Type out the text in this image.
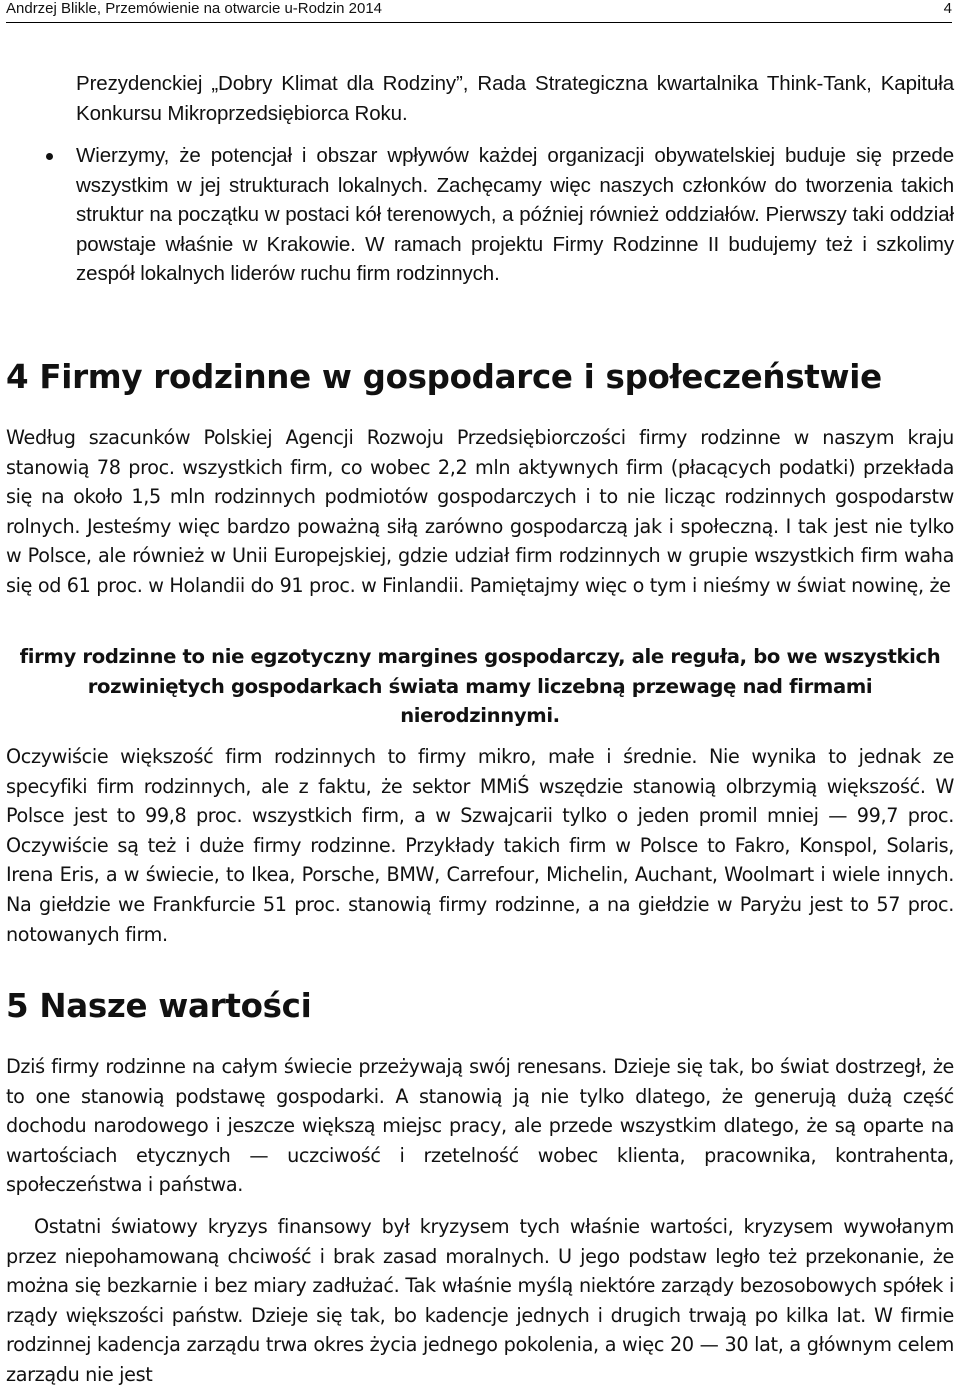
Andrzej Blikle, Przemówienie na otwarcie u-Rodzin 2014	4

Prezydenckiej „Dobry Klimat dla Rodziny”, Rada Strategiczna kwartalnika Think-Tank, Kapituła Konkursu Mikroprzedsiębiorca Roku.

Wierzymy, że potencjał i obszar wpływów każdej organizacji obywatelskiej buduje się przede wszystkim w jej strukturach lokalnych. Zachęcamy więc naszych członków do tworzenia takich struktur na początku w postaci kół terenowych, a później również oddziałów. Pierwszy taki oddział powstaje właśnie w Krakowie. W ramach projektu Firmy Rodzinne II budujemy też i szkolimy zespół lokalnych liderów ruchu firm rodzinnych.

4 Firmy rodzinne w gospodarce i społeczeństwie

Według szacunków Polskiej Agencji Rozwoju Przedsiębiorczości firmy rodzinne w naszym kraju stanowią 78 proc. wszystkich firm, co wobec 2,2 mln aktywnych firm (płacących podatki) przekłada się na około 1,5 mln rodzinnych podmiotów gospodarczych i to nie licząc rodzinnych gospodarstw rolnych. Jesteśmy więc bardzo poważną siłą zarówno gospodarczą jak i społeczną. I tak jest nie tylko w Polsce, ale również w Unii Europejskiej, gdzie udział firm rodzinnych w grupie wszystkich firm waha się od 61 proc. w Holandii do 91 proc. w Finlandii. Pamiętajmy więc o tym i nieśmy w świat nowinę, że

firmy rodzinne to nie egzotyczny margines gospodarczy, ale reguła, bo we wszystkich rozwiniętych gospodarkach świata mamy liczebną przewagę nad firmami nierodzinnymi.

Oczywiście większość firm rodzinnych to firmy mikro, małe i średnie. Nie wynika to jednak ze specyfiki firm rodzinnych, ale z faktu, że sektor MMiŚ wszędzie stanowią olbrzymią większość. W Polsce jest to 99,8 proc. wszystkich firm, a w Szwajcarii tylko o jeden promil mniej — 99,7 proc. Oczywiście są też i duże firmy rodzinne. Przykłady takich firm w Polsce to Fakro, Konspol, Solaris, Irena Eris, a w świecie, to Ikea, Porsche, BMW, Carrefour, Michelin, Auchant, Woolmart i wiele innych. Na giełdzie we Frankfurcie 51 proc. stanowią firmy rodzinne, a na giełdzie w Paryżu jest to 57 proc. notowanych firm.

5 Nasze wartości

Dziś firmy rodzinne na całym świecie przeżywają swój renesans. Dzieje się tak, bo świat dostrzegł, że to one stanowią podstawę gospodarki. A stanowią ją nie tylko dlatego, że generują dużą część dochodu narodowego i jeszcze większą miejsc pracy, ale przede wszystkim dlatego, że są oparte na wartościach etycznych — uczciwość i rzetelność wobec klienta, pracownika, kontrahenta, społeczeństwa i państwa.

Ostatni światowy kryzys finansowy był kryzysem tych właśnie wartości, kryzysem wywołanym przez niepohamowaną chciwość i brak zasad moralnych. U jego podstaw legło też przekonanie, że można się bezkarnie i bez miary zadłużać. Tak właśnie myślą niektóre zarządy bezosobowych spółek i rządy większości państw. Dzieje się tak, bo kadencje jednych i drugich trwają po kilka lat. W firmie rodzinnej kadencja zarządu trwa okres życia jednego pokolenia, a więc 20 — 30 lat, a głównym celem zarządu nie jest
